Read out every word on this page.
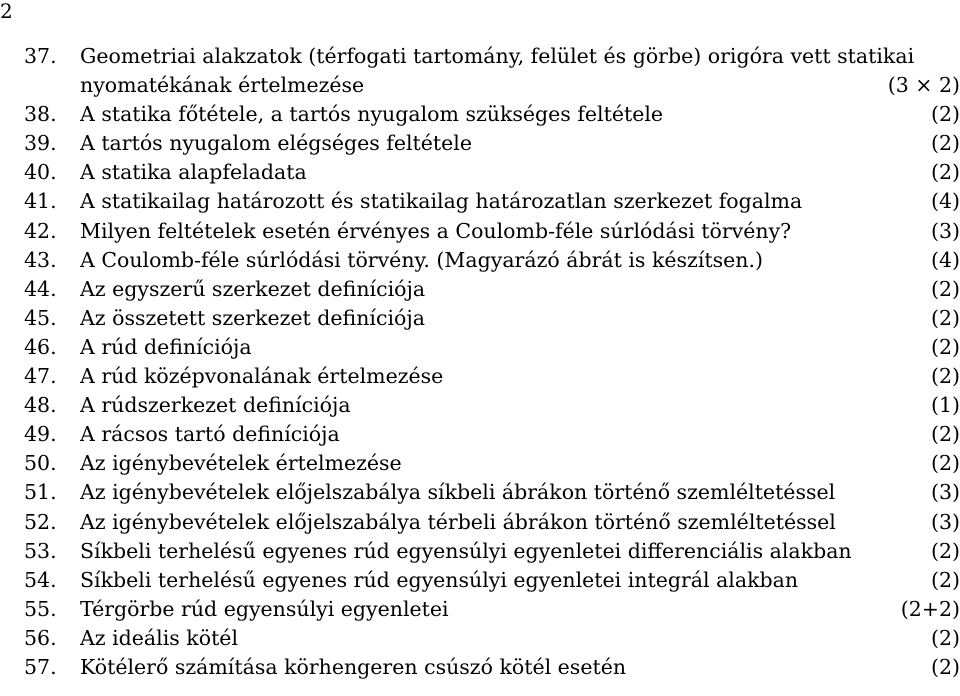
2
37.	Geometriai alakzatok (térfogati tartomány, felület és görbe) origóra vett statikai
nyomatékának értelmezése	(3 × 2)
38.	A statika főtétele, a tartós nyugalom szükséges feltétele	(2)
39.	A tartós nyugalom elégséges feltétele	(2)
40.	A statika alapfeladata	(2)
41.	A statikailag határozott és statikailag határozatlan szerkezet fogalma	(4)
42.	Milyen feltételek esetén érvényes a Coulomb-féle súrlódási törvény?	(3)
43.	A Coulomb-féle súrlódási törvény. (Magyarázó ábrát is készítsen.)	(4)
44.	Az egyszerű szerkezet definíciója	(2)
45.	Az összetett szerkezet definíciója	(2)
46.	A rúd definíciója	(2)
47.	A rúd középvonalának értelmezése	(2)
48.	A rúdszerkezet definíciója	(1)
49.	A rácsos tartó definíciója	(2)
50.	Az igénybevételek értelmezése	(2)
51.	Az igénybevételek előjelszabálya síkbeli ábrákon történő szemléltetéssel	(3)
52.	Az igénybevételek előjelszabálya térbeli ábrákon történő szemléltetéssel	(3)
53.	Síkbeli terhelésű egyenes rúd egyensúlyi egyenletei differenciális alakban	(2)
54.	Síkbeli terhelésű egyenes rúd egyensúlyi egyenletei integrál alakban	(2)
55.	Térgörbe rúd egyensúlyi egyenletei	(2+2)
56.	Az ideális kötél	(2)
57.	Kötélerő számítása körhengeren csúszó kötél esetén	(2)
